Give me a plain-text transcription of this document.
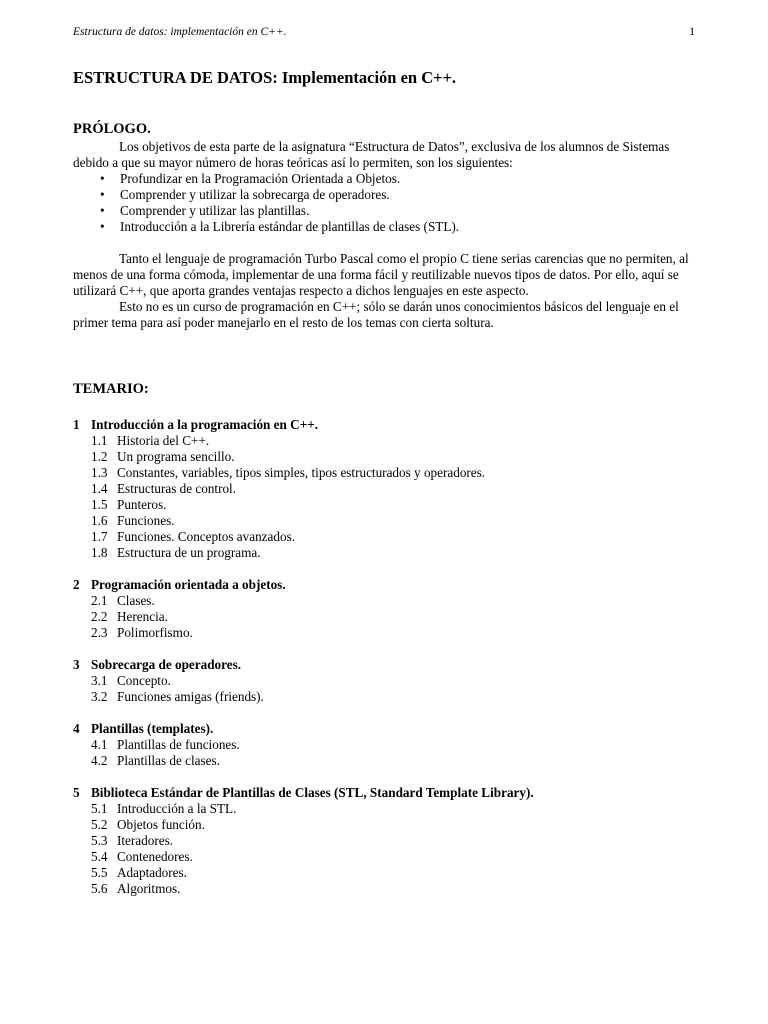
Estructura de datos: implementación en C++.	1
ESTRUCTURA DE DATOS: Implementación en C++.
PRÓLOGO.

Los objetivos de esta parte de la asignatura “Estructura de Datos”, exclusiva de los alumnos de Sistemas debido a que su mayor número de horas teóricas así lo permiten, son los siguientes:

• Profundizar en la Programación Orientada a Objetos.
• Comprender y utilizar la sobrecarga de operadores.
• Comprender y utilizar las plantillas.
• Introducción a la Librería estándar de plantillas de clases (STL).

Tanto el lenguaje de programación Turbo Pascal como el propio C tiene serias carencias que no permiten, al menos de una forma cómoda, implementar de una forma fácil y reutilizable nuevos tipos de datos. Por ello, aquí se utilizará C++, que aporta grandes ventajas respecto a dichos lenguajes en este aspecto.

Esto no es un curso de programación en C++; sólo se darán unos conocimientos básicos del lenguaje en el primer tema para así poder manejarlo en el resto de los temas con cierta soltura.

TEMARIO:
1 Introducción a la programación en C++.
1.1 Historia del C++.
1.2 Un programa sencillo.
1.3 Constantes, variables, tipos simples, tipos estructurados y operadores.
1.4 Estructuras de control.
1.5 Punteros.
1.6 Funciones.
1.7 Funciones. Conceptos avanzados.
1.8 Estructura de un programa.
2 Programación orientada a objetos.
2.1 Clases.
2.2 Herencia.
2.3 Polimorfismo.
3 Sobrecarga de operadores.
3.1 Concepto.
3.2 Funciones amigas (friends).
4 Plantillas (templates).
4.1 Plantillas de funciones.
4.2 Plantillas de clases.
5 Biblioteca Estándar de Plantillas de Clases (STL, Standard Template Library).
5.1 Introducción a la STL.
5.2 Objetos función.
5.3 Iteradores.
5.4 Contenedores.
5.5 Adaptadores.
5.6 Algoritmos.
